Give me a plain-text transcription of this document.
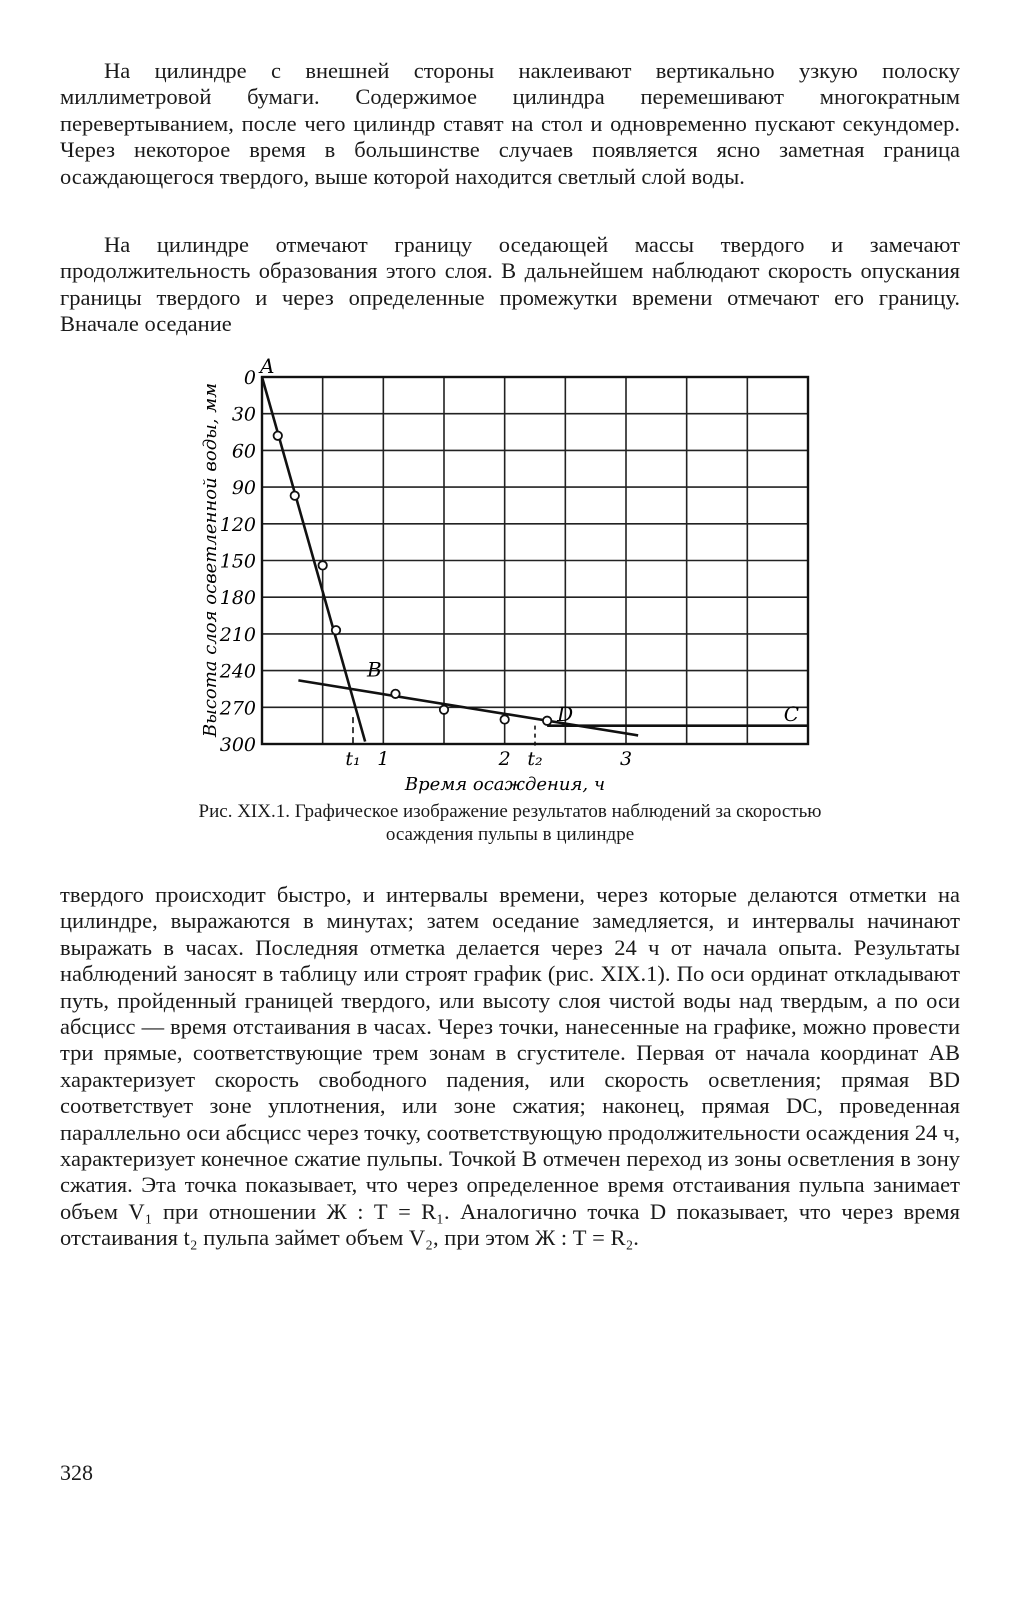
На цилиндре с внешней стороны наклеивают вертикально узкую полоску миллиметровой бумаги. Содержимое цилиндра перемешивают многократным перевертыванием, после чего цилиндр ставят на стол и одновременно пускают секундомер. Через некоторое время в большинстве случаев появляется ясно заметная граница осаждающегося твердого, выше которой находится светлый слой воды.

На цилиндре отмечают границу оседающей массы твердого и замечают продолжительность образования этого слоя. В дальнейшем наблюдают скорость опускания границы твердого и через определенные промежутки времени отмечают его границу. Вначале оседание

0
30
60
90
120
150
180
210
240
270
300
t₁ 1	2 t₂	3
A
B
D	C
Время осаждения, ч
Высота слоя осветленной воды, мм

Рис. XIX.1. Графическое изображение результатов наблюдений за скоростью осаждения пульпы в цилиндре

твердого происходит быстро, и интервалы времени, через которые делаются отметки на цилиндре, выражаются в минутах; затем оседание замедляется, и интервалы начинают выражать в часах. Последняя отметка делается через 24 ч от начала опыта. Результаты наблюдений заносят в таблицу или строят график (рис. XIX.1). По оси ординат откладывают путь, пройденный границей твердого, или высоту слоя чистой воды над твердым, а по оси абсцисс — время отстаивания в часах. Через точки, нанесенные на графике, можно провести три прямые, соответствующие трем зонам в сгустителе. Первая от начала координат AB характеризует скорость свободного падения, или скорость осветления; прямая BD соответствует зоне уплотнения, или зоне сжатия; наконец, прямая DC, проведенная параллельно оси абсцисс через точку, соответствующую продолжительности осаждения 24 ч, характеризует конечное сжатие пульпы. Точкой B отмечен переход из зоны осветления в зону сжатия. Эта точка показывает, что через определенное время отстаивания пульпа занимает объем V₁ при отношении Ж : Т = R₁. Аналогично точка D показывает, что через время отстаивания t₂ пульпа займет объем V₂, при этом Ж : Т = R₂.

328
